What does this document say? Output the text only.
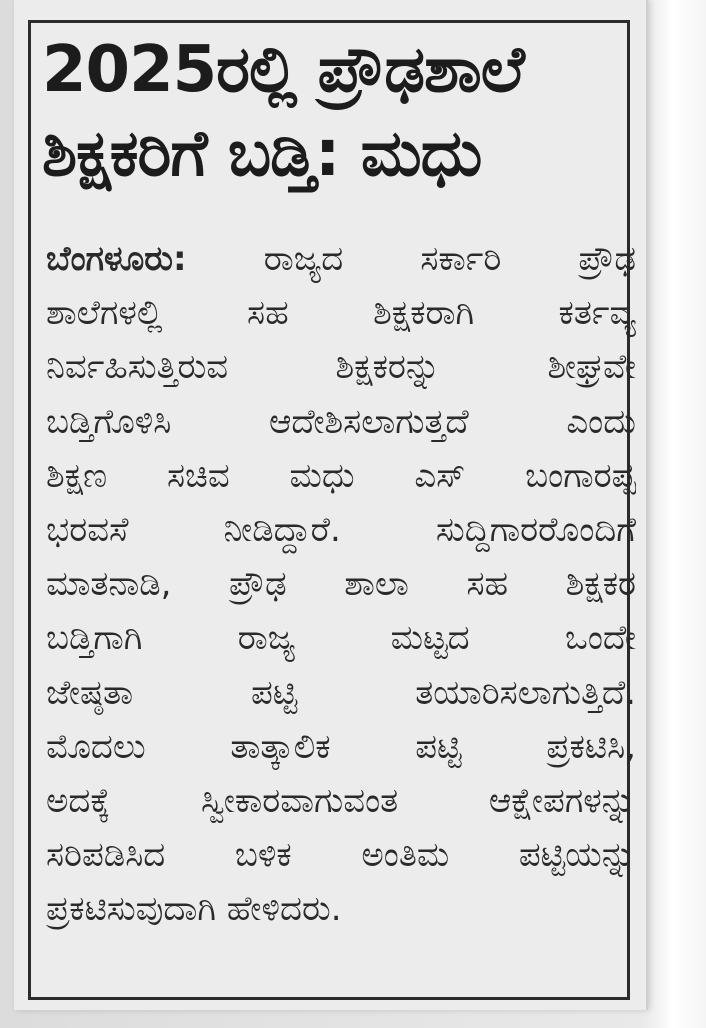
2025ರಲ್ಲಿ ಪ್ರೌಢಶಾಲೆ
ಶಿಕ್ಷಕರಿಗೆ ಬಡ್ತಿ: ಮಧು
ಬೆಂಗಳೂರು: ರಾಜ್ಯದ ಸರ್ಕಾರಿ ಪ್ರೌಢ
ಶಾಲೆಗಳಲ್ಲಿ ಸಹ ಶಿಕ್ಷಕರಾಗಿ ಕರ್ತವ್ಯ
ನಿರ್ವಹಿಸುತ್ತಿರುವ ಶಿಕ್ಷಕರನ್ನು ಶೀಘ್ರವೇ
ಬಡ್ತಿಗೊಳಿಸಿ ಆದೇಶಿಸಲಾಗುತ್ತದೆ ಎಂದು
ಶಿಕ್ಷಣ ಸಚಿವ ಮಧು ಎಸ್ ಬಂಗಾರಪ್ಪ
ಭರವಸೆ ನೀಡಿದ್ದಾರೆ. ಸುದ್ದಿಗಾರರೊಂದಿಗೆ
ಮಾತನಾಡಿ, ಪ್ರೌಢ ಶಾಲಾ ಸಹ ಶಿಕ್ಷಕರ
ಬಡ್ತಿಗಾಗಿ ರಾಜ್ಯ ಮಟ್ಟದ ಒಂದೇ
ಜೇಷ್ಠತಾ ಪಟ್ಟಿ ತಯಾರಿಸಲಾಗುತ್ತಿದೆ.
ಮೊದಲು ತಾತ್ಕಾಲಿಕ ಪಟ್ಟಿ ಪ್ರಕಟಿಸಿ,
ಅದಕ್ಕೆ ಸ್ವೀಕಾರವಾಗುವಂತ ಆಕ್ಷೇಪಗಳನ್ನು
ಸರಿಪಡಿಸಿದ ಬಳಿಕ ಅಂತಿಮ ಪಟ್ಟಿಯನ್ನು
ಪ್ರಕಟಿಸುವುದಾಗಿ ಹೇಳಿದರು.
